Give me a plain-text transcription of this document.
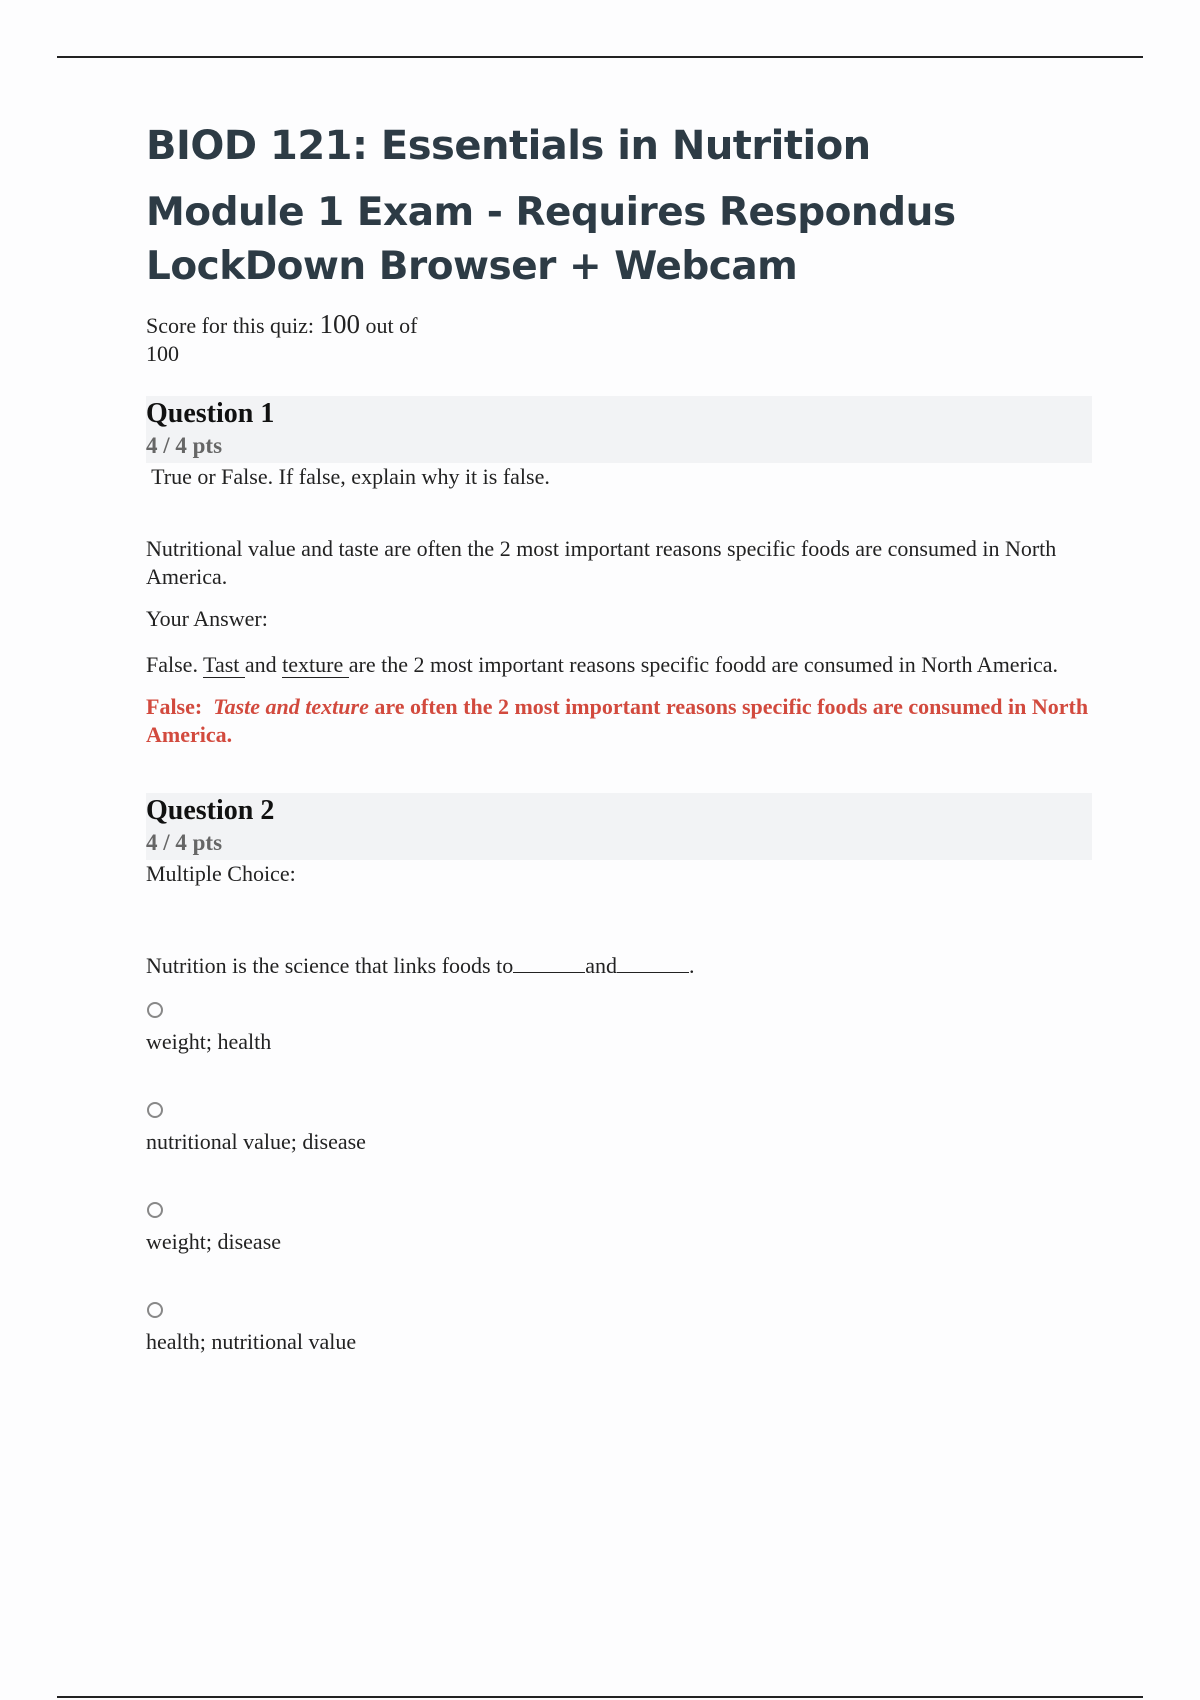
BIOD 121: Essentials in Nutrition
Module 1 Exam - Requires Respondus LockDown Browser + Webcam
Score for this quiz: 100 out of
100
Question 1
4 / 4 pts
True or False. If false, explain why it is false.

Nutritional value and taste are often the 2 most important reasons specific foods are consumed in North America.

Your Answer:

False. Tast and texture are the 2 most important reasons specific foodd are consumed in North America.

False:  Taste and texture are often the 2 most important reasons specific foods are consumed in North America.
Question 2
4 / 4 pts
Multiple Choice:

Nutrition is the science that links foods to	and	.

weight; health
nutritional value; disease
weight; disease
health; nutritional value
